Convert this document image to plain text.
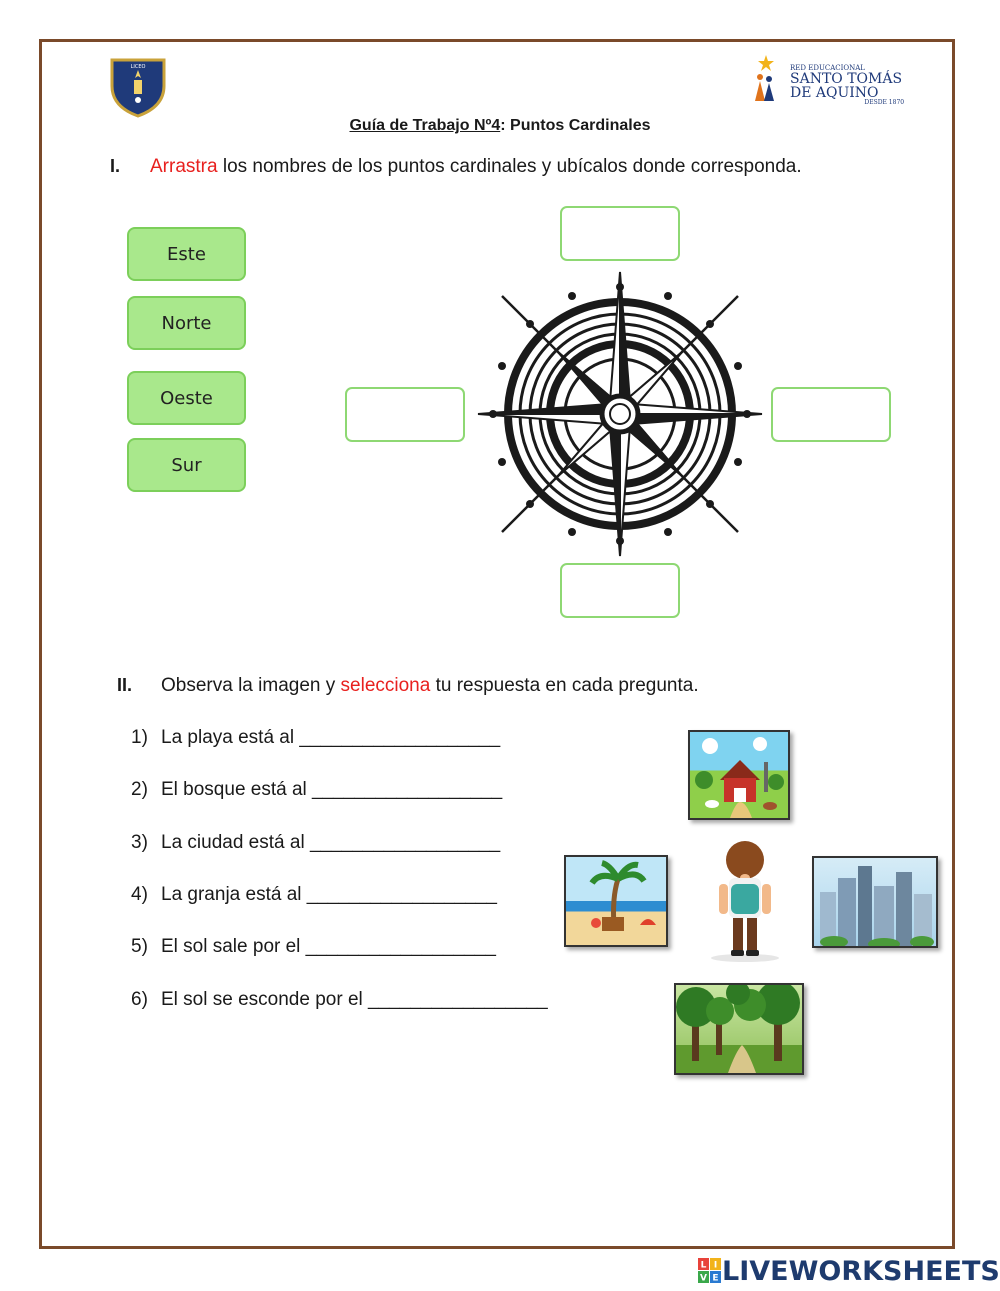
LICEO	RED EDUCACIONAL
SANTO TOMÁS
DE AQUINO
DESDE 1870
Guía de Trabajo Nº4: Puntos Cardinales
I. Arrastra los nombres de los puntos cardinales y ubícalos donde corresponda.
Este
Norte
Oeste
Sur
II. Observa la imagen y selecciona tu respuesta en cada pregunta.
1) La playa está al ___________________
2) El bosque está al __________________
3) La ciudad está al __________________
4) La granja está al __________________
5) El sol sale por el __________________
6) El sol se esconde por el _________________
L I
V E LIVEWORKSHEETS
